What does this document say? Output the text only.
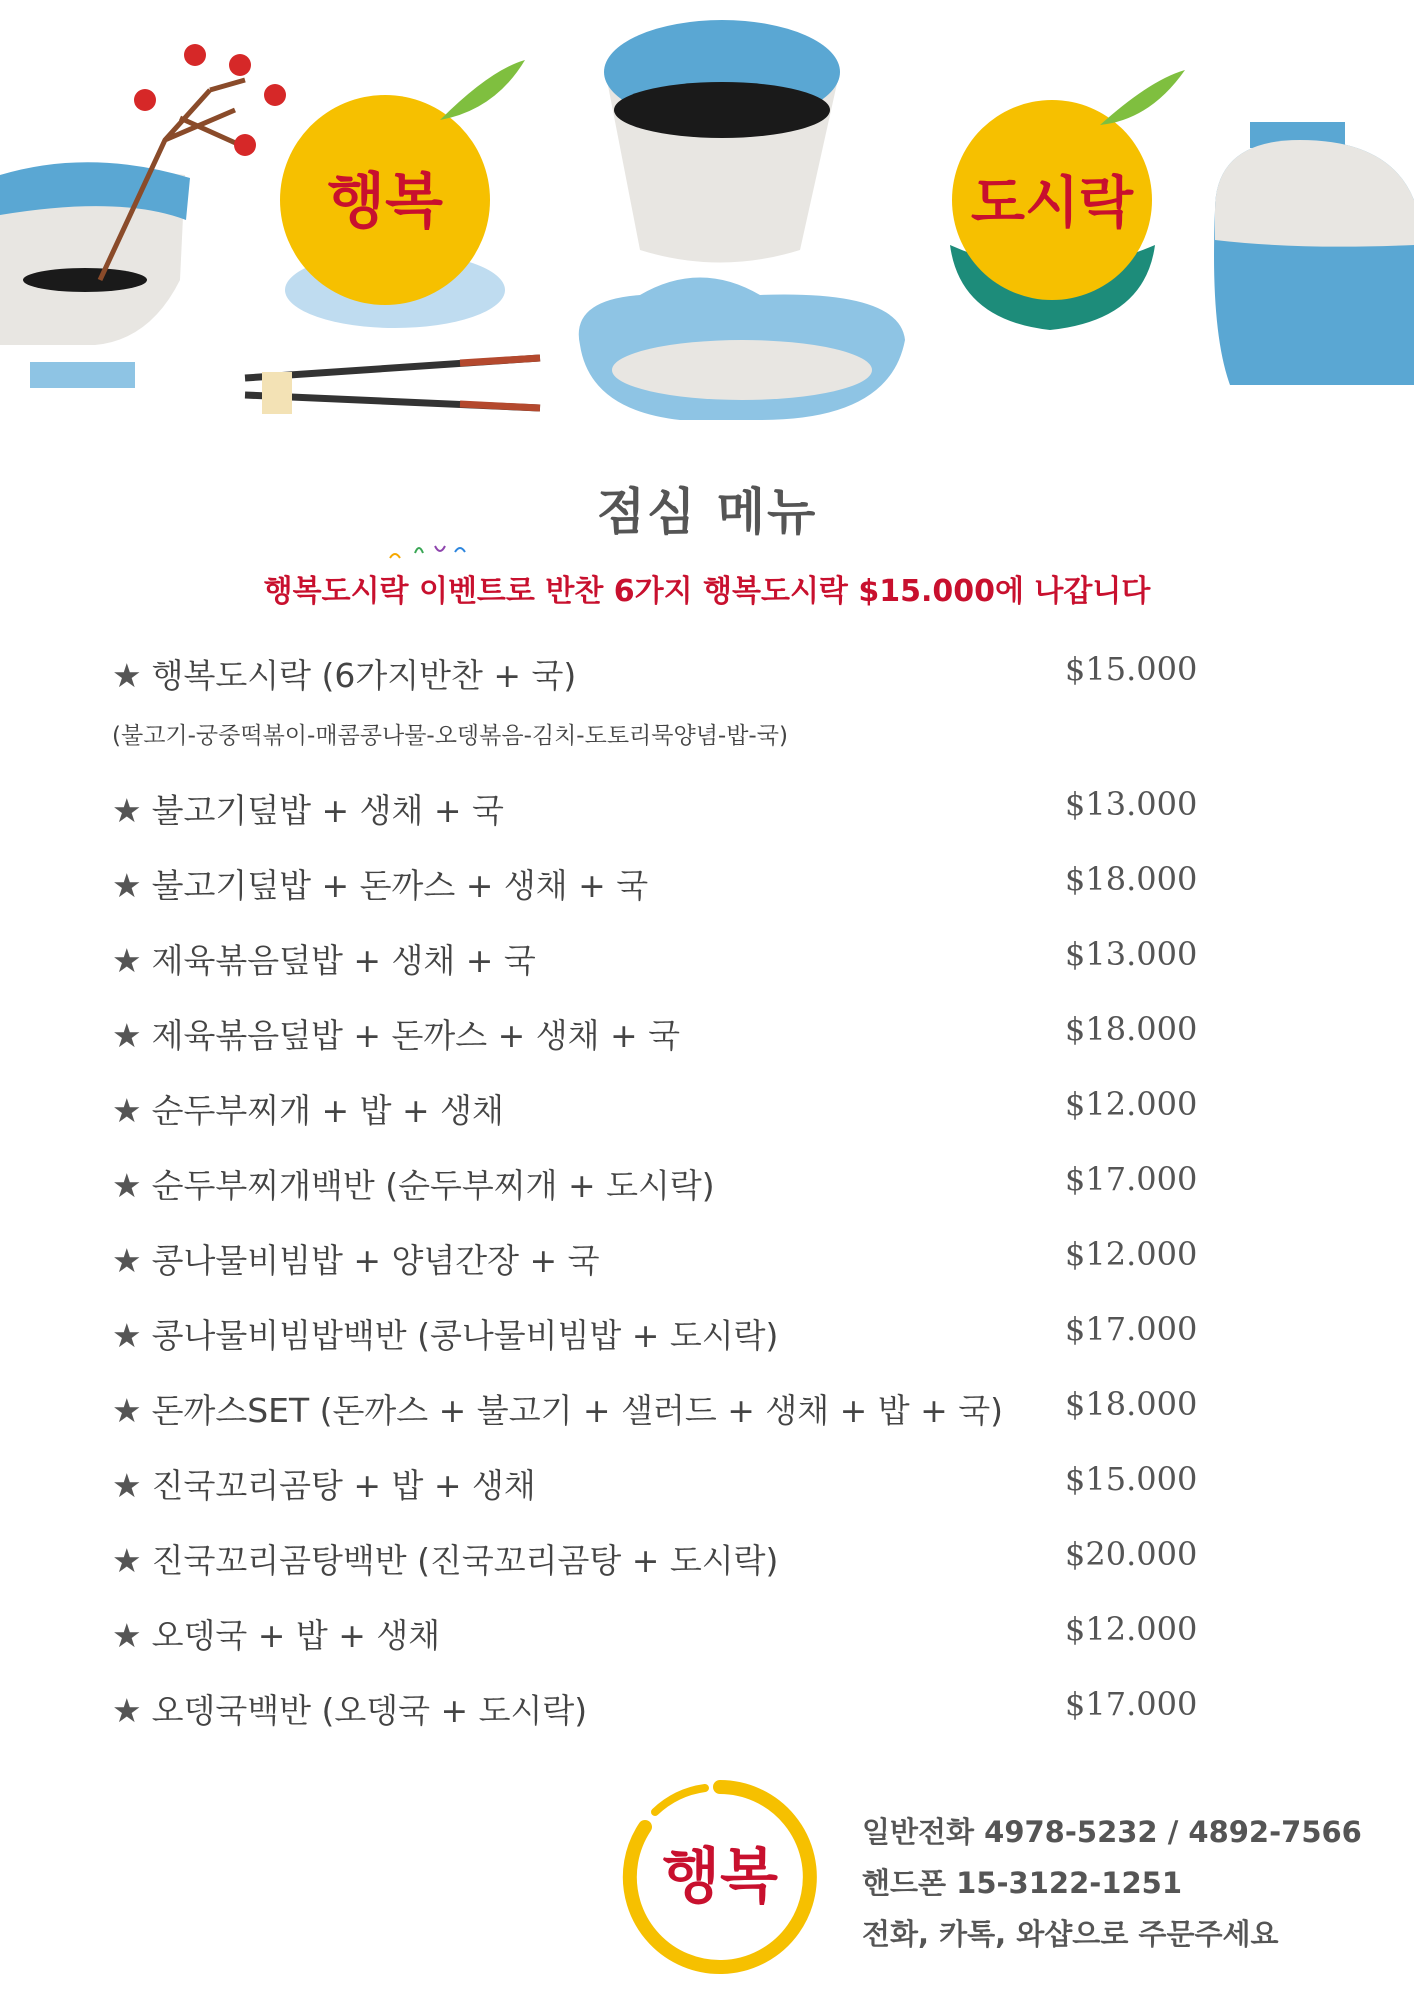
행복	도시락
점심 메뉴
행복도시락 이벤트로 반찬 6가지 행복도시락 $15.000에 나갑니다
★ 행복도시락 (6가지반찬 + 국)	$15.000
(불고기-궁중떡볶이-매콤콩나물-오뎅볶음-김치-도토리묵양념-밥-국)
★ 불고기덮밥 + 생채 + 국	$13.000
★ 불고기덮밥 + 돈까스 + 생채 + 국	$18.000
★ 제육볶음덮밥 + 생채 + 국	$13.000
★ 제육볶음덮밥 + 돈까스 + 생채 + 국	$18.000
★ 순두부찌개 + 밥 + 생채	$12.000
★ 순두부찌개백반 (순두부찌개 + 도시락)	$17.000
★ 콩나물비빔밥 + 양념간장 + 국	$12.000
★ 콩나물비빔밥백반 (콩나물비빔밥 + 도시락)	$17.000
★ 돈까스SET (돈까스 + 불고기 + 샐러드 + 생채 + 밥 + 국) $18.000
★ 진국꼬리곰탕 + 밥 + 생채	$15.000
★ 진국꼬리곰탕백반 (진국꼬리곰탕 + 도시락)	$20.000
★ 오뎅국 + 밥 + 생채	$12.000
★ 오뎅국백반 (오뎅국 + 도시락)	$17.000
행복
일반전화 4978-5232 / 4892-7566
핸드폰 15-3122-1251
전화, 카톡, 와샵으로 주문주세요
